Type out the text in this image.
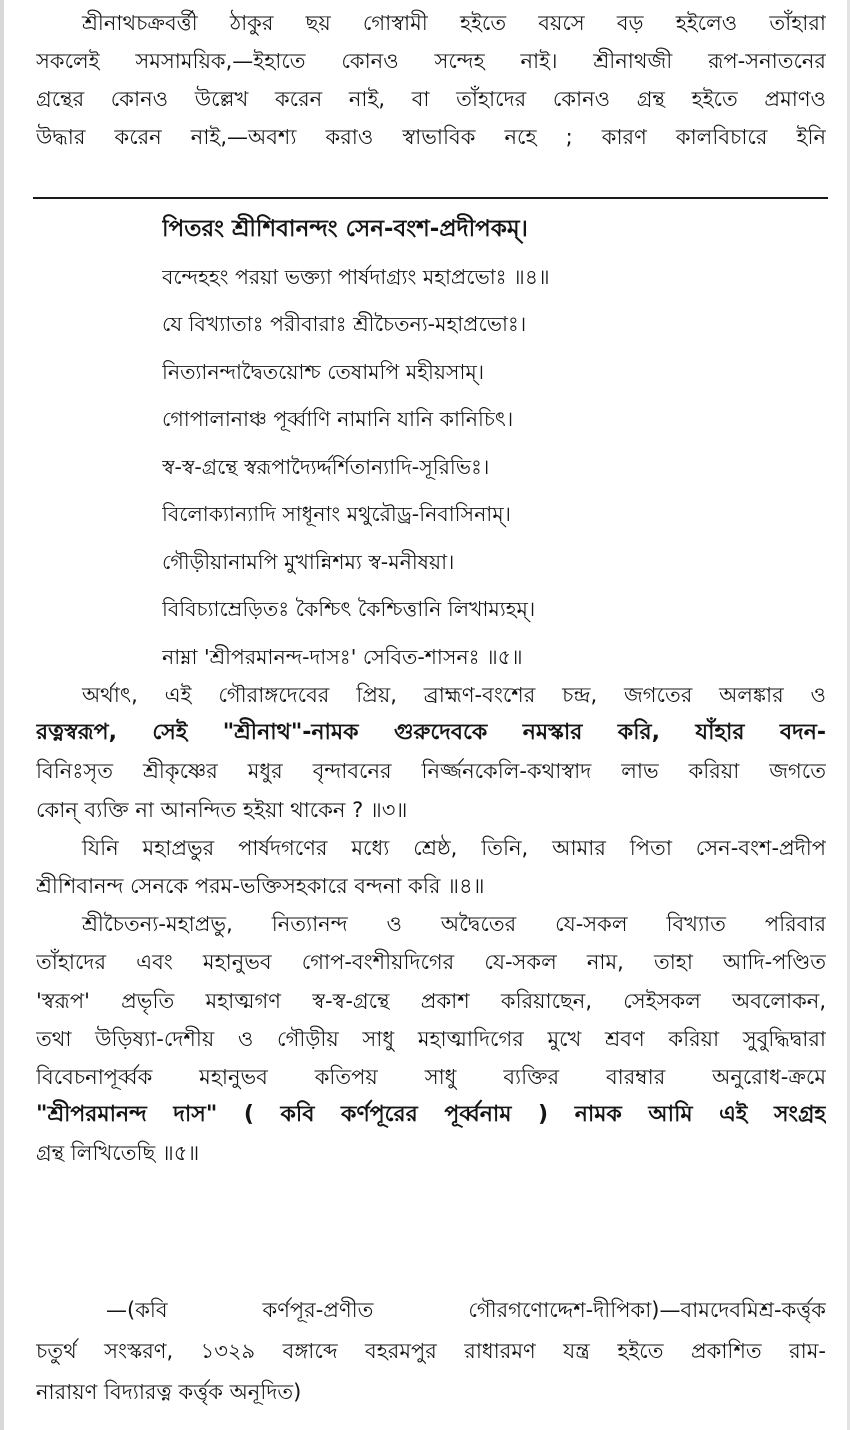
শ্রীনাথচক্রবর্ত্তী ঠাকুর ছয় গোস্বামী হইতে বয়সে বড় হইলেও তাঁহারা
সকলেই সমসাময়িক,—ইহাতে কোনও সন্দেহ নাই। শ্রীনাথজী রূপ-সনাতনের
গ্রন্থের কোনও উল্লেখ করেন নাই, বা তাঁহাদের কোনও গ্রন্থ হইতে প্রমাণও
উদ্ধার করেন নাই,—অবশ্য করাও স্বাভাবিক নহে ; কারণ কালবিচারে ইনি
পিতরং শ্রীশিবানন্দং সেন-বংশ-প্রদীপকম্।
বন্দেহহং পরয়া ভক্ত্যা পার্ষদাগ্র্যং মহাপ্রভোঃ ॥৪॥
যে বিখ্যাতাঃ পরীবারাঃ শ্রীচৈতন্য-মহাপ্রভোঃ।
নিত্যানন্দাদ্বৈতয়োশ্চ তেষামপি মহীয়সাম্।
গোপালানাঞ্চ পূর্ব্বাণি নামানি যানি কানিচিৎ।
স্ব-স্ব-গ্রন্থে স্বরূপাদ্যৈর্দ্দর্শিতান্যাদি-সূরিভিঃ।
বিলোক্যান্যাদি সাধূনাং মথুরৌড্র-নিবাসিনাম্।
গৌড়ীয়ানামপি মুখান্নিশম্য স্ব-মনীষয়া।
বিবিচ্যাম্রেড়িতঃ কৈশ্চিৎ কৈশ্চিত্তানি লিখাম্যহম্।
নাম্না 'শ্রীপরমানন্দ-দাসঃ' সেবিত-শাসনঃ ॥৫॥
অর্থাৎ, এই গৌরাঙ্গদেবের প্রিয়, ব্রাহ্মণ-বংশের চন্দ্র, জগতের অলঙ্কার ও
রত্নস্বরূপ, সেই "শ্রীনাথ"-নামক গুরুদেবকে নমস্কার করি, যাঁহার বদন-
বিনিঃসৃত শ্রীকৃষ্ণের মধুর বৃন্দাবনের নির্জ্জনকেলি-কথাস্বাদ লাভ করিয়া জগতে
কোন্ ব্যক্তি না আনন্দিত হইয়া থাকেন ? ॥৩॥
যিনি মহাপ্রভুর পার্ষদগণের মধ্যে শ্রেষ্ঠ, তিনি, আমার পিতা সেন-বংশ-প্রদীপ
শ্রীশিবানন্দ সেনকে পরম-ভক্তিসহকারে বন্দনা করি ॥৪॥
শ্রীচৈতন্য-মহাপ্রভু, নিত্যানন্দ ও অদ্বৈতের যে-সকল বিখ্যাত পরিবার
তাঁহাদের এবং মহানুভব গোপ-বংশীয়দিগের যে-সকল নাম, তাহা আদি-পণ্ডিত
'স্বরূপ' প্রভৃতি মহাত্মগণ স্ব-স্ব-গ্রন্থে প্রকাশ করিয়াছেন, সেইসকল অবলোকন,
তথা উড়িষ্যা-দেশীয় ও গৌড়ীয় সাধু মহাত্মাদিগের মুখে শ্রবণ করিয়া সুবুদ্ধিদ্বারা
বিবেচনাপূর্ব্বক মহানুভব কতিপয় সাধু ব্যক্তির বারম্বার অনুরোধ-ক্রমে
"শ্রীপরমানন্দ দাস" ( কবি কর্ণপূরের পূর্ব্বনাম ) নামক আমি এই সংগ্রহ
গ্রন্থ লিখিতেছি ॥৫॥
—(কবি কর্ণপূর-প্রণীত গৌরগণোদ্দেশ-দীপিকা)—বামদেবমিশ্র-কর্ত্তৃক
চতুর্থ সংস্করণ, ১৩২৯ বঙ্গাব্দে বহরমপুর রাধারমণ যন্ত্র হইতে প্রকাশিত রাম-
নারায়ণ বিদ্যারত্ন কর্ত্তৃক অনূদিত)
